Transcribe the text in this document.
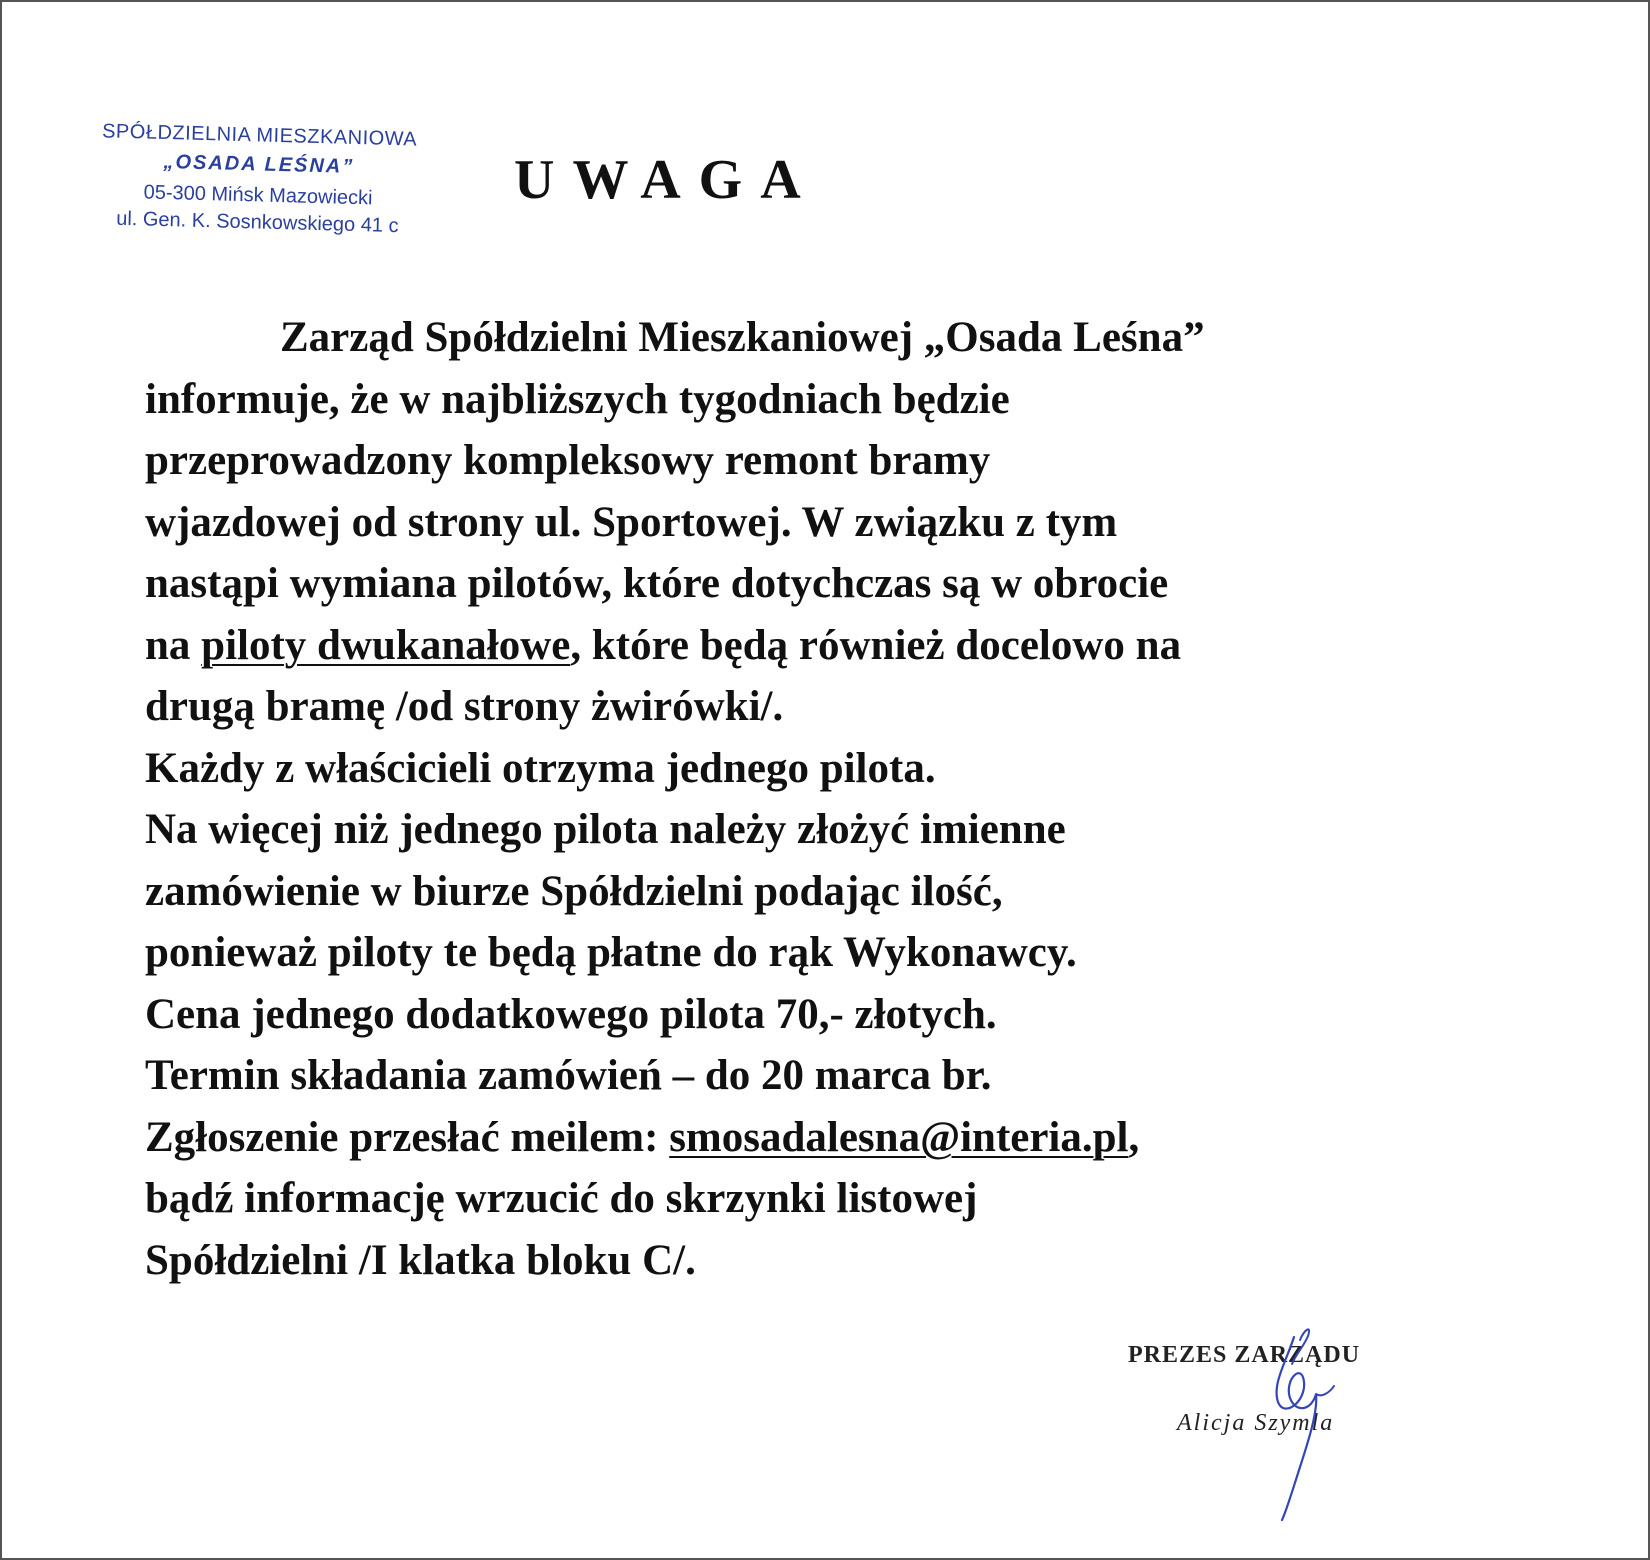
SPÓŁDZIELNIA MIESZKANIOWA
„OSADA LEŚNA”
05-300 Mińsk Mazowiecki
ul. Gen. K. Sosnkowskiego 41 c
UWAGA
Zarząd Spółdzielni Mieszkaniowej „Osada Leśna”
informuje, że w najbliższych tygodniach będzie
przeprowadzony kompleksowy remont bramy
wjazdowej od strony ul. Sportowej. W związku z tym
nastąpi wymiana pilotów, które dotychczas są w obrocie
na piloty dwukanałowe, które będą również docelowo na
drugą bramę /od strony żwirówki/.
Każdy z właścicieli otrzyma jednego pilota.
Na więcej niż jednego pilota należy złożyć imienne
zamówienie w biurze Spółdzielni podając ilość,
ponieważ piloty te będą płatne do rąk Wykonawcy.
Cena jednego dodatkowego pilota 70,- złotych.
Termin składania zamówień – do 20 marca br.
Zgłoszenie przesłać meilem: smosadalesna@interia.pl,
bądź informację wrzucić do skrzynki listowej
Spółdzielni /I klatka bloku C/.
PREZES ZARZĄDU
Alicja Szymla
